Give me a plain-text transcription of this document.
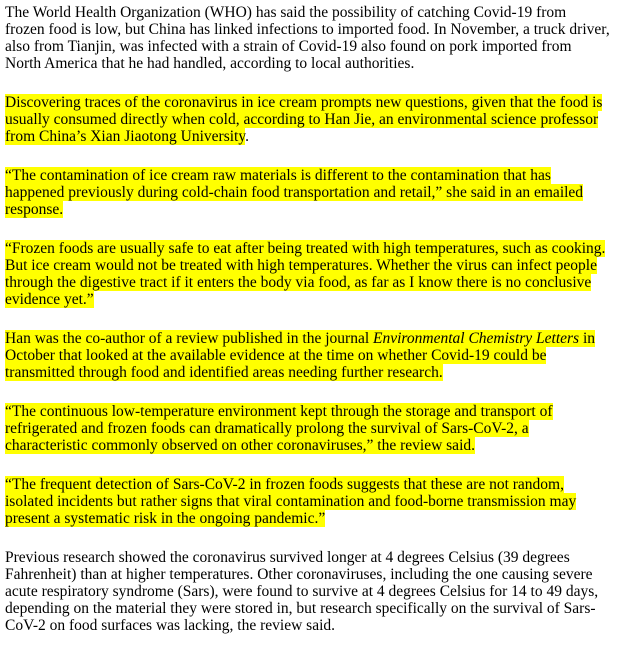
The World Health Organization (WHO) has said the possibility of catching Covid-19 from
frozen food is low, but China has linked infections to imported food. In November, a truck driver,
also from Tianjin, was infected with a strain of Covid-19 also found on pork imported from
North America that he had handled, according to local authorities.

Discovering traces of the coronavirus in ice cream prompts new questions, given that the food is
usually consumed directly when cold, according to Han Jie, an environmental science professor
from China’s Xian Jiaotong University.

“The contamination of ice cream raw materials is different to the contamination that has
happened previously during cold-chain food transportation and retail,” she said in an emailed
response.

“Frozen foods are usually safe to eat after being treated with high temperatures, such as cooking.
But ice cream would not be treated with high temperatures. Whether the virus can infect people
through the digestive tract if it enters the body via food, as far as I know there is no conclusive
evidence yet.”

Han was the co-author of a review published in the journal Environmental Chemistry Letters in
October that looked at the available evidence at the time on whether Covid-19 could be
transmitted through food and identified areas needing further research.

“The continuous low-temperature environment kept through the storage and transport of
refrigerated and frozen foods can dramatically prolong the survival of Sars-CoV-2, a
characteristic commonly observed on other coronaviruses,” the review said.

“The frequent detection of Sars-CoV-2 in frozen foods suggests that these are not random,
isolated incidents but rather signs that viral contamination and food-borne transmission may
present a systematic risk in the ongoing pandemic.”

Previous research showed the coronavirus survived longer at 4 degrees Celsius (39 degrees
Fahrenheit) than at higher temperatures. Other coronaviruses, including the one causing severe
acute respiratory syndrome (Sars), were found to survive at 4 degrees Celsius for 14 to 49 days,
depending on the material they were stored in, but research specifically on the survival of Sars-
CoV-2 on food surfaces was lacking, the review said.
